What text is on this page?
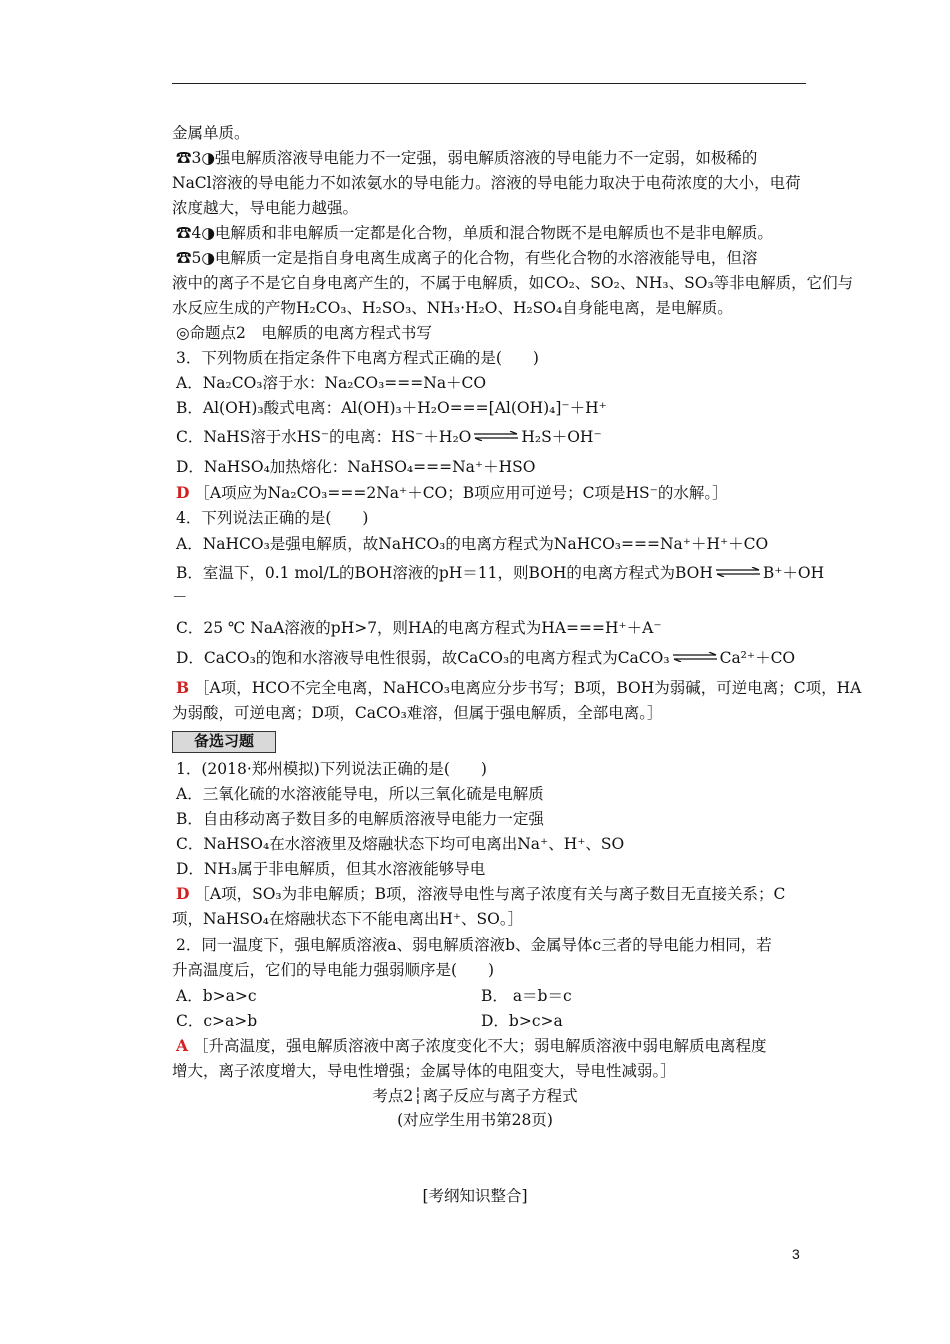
金属单质。
☎3◑强电解质溶液导电能力不一定强，弱电解质溶液的导电能力不一定弱，如极稀的
NaCl溶液的导电能力不如浓氨水的导电能力。溶液的导电能力取决于电荷浓度的大小，电荷
浓度越大，导电能力越强。
☎4◑电解质和非电解质一定都是化合物，单质和混合物既不是电解质也不是非电解质。
☎5◑电解质一定是指自身电离生成离子的化合物，有些化合物的水溶液能导电，但溶
液中的离子不是它自身电离产生的，不属于电解质，如CO₂、SO₂、NH₃、SO₃等非电解质，它们与
水反应生成的产物H₂CO₃、H₂SO₃、NH₃·H₂O、H₂SO₄自身能电离，是电解质。
◎命题点2　电解质的电离方程式书写
3．下列物质在指定条件下电离方程式正确的是(　　)
A．Na₂CO₃溶于水：Na₂CO₃===Na＋CO
B．Al(OH)₃酸式电离：Al(OH)₃＋H₂O===[Al(OH)₄]⁻＋H⁺
C．NaHS溶于水HS⁻的电离：HS⁻＋H₂O ⇌ H₂S＋OH⁻
D．NaHSO₄加热熔化：NaHSO₄===Na⁺＋HSO
D ［A项应为Na₂CO₃===2Na⁺＋CO；B项应用可逆号；C项是HS⁻的水解。］
4．下列说法正确的是(　　)
A．NaHCO₃是强电解质，故NaHCO₃的电离方程式为NaHCO₃===Na⁺＋H⁺＋CO
B．室温下，0.1 mol/L的BOH溶液的pH＝11，则BOH的电离方程式为BOH ⇌ B⁺＋OH
－
C．25 ℃ NaA溶液的pH>7，则HA的电离方程式为HA===H⁺＋A⁻
D．CaCO₃的饱和水溶液导电性很弱，故CaCO₃的电离方程式为CaCO₃ ⇌ Ca²⁺＋CO
B ［A项，HCO不完全电离，NaHCO₃电离应分步书写；B项，BOH为弱碱，可逆电离；C项，HA
为弱酸，可逆电离；D项，CaCO₃难溶，但属于强电解质，全部电离。］
备选习题
1．(2018·郑州模拟)下列说法正确的是(　　)
A．三氧化硫的水溶液能导电，所以三氧化硫是电解质
B．自由移动离子数目多的电解质溶液导电能力一定强
C．NaHSO₄在水溶液里及熔融状态下均可电离出Na⁺、H⁺、SO
D．NH₃属于非电解质，但其水溶液能够导电
D ［A项，SO₃为非电解质；B项，溶液导电性与离子浓度有关与离子数目无直接关系；C
项，NaHSO₄在熔融状态下不能电离出H⁺、SO。］
2．同一温度下，强电解质溶液a、弱电解质溶液b、金属导体c三者的导电能力相同，若
升高温度后，它们的导电能力强弱顺序是(　　)
A．b>a>c	B． a＝b＝c
C．c>a>b	D．b>c>a
A ［升高温度，强电解质溶液中离子浓度变化不大；弱电解质溶液中弱电解质电离程度
增大，离子浓度增大，导电性增强；金属导体的电阻变大，导电性减弱。］
考点2┆离子反应与离子方程式
(对应学生用书第28页)
[考纲知识整合]
3
